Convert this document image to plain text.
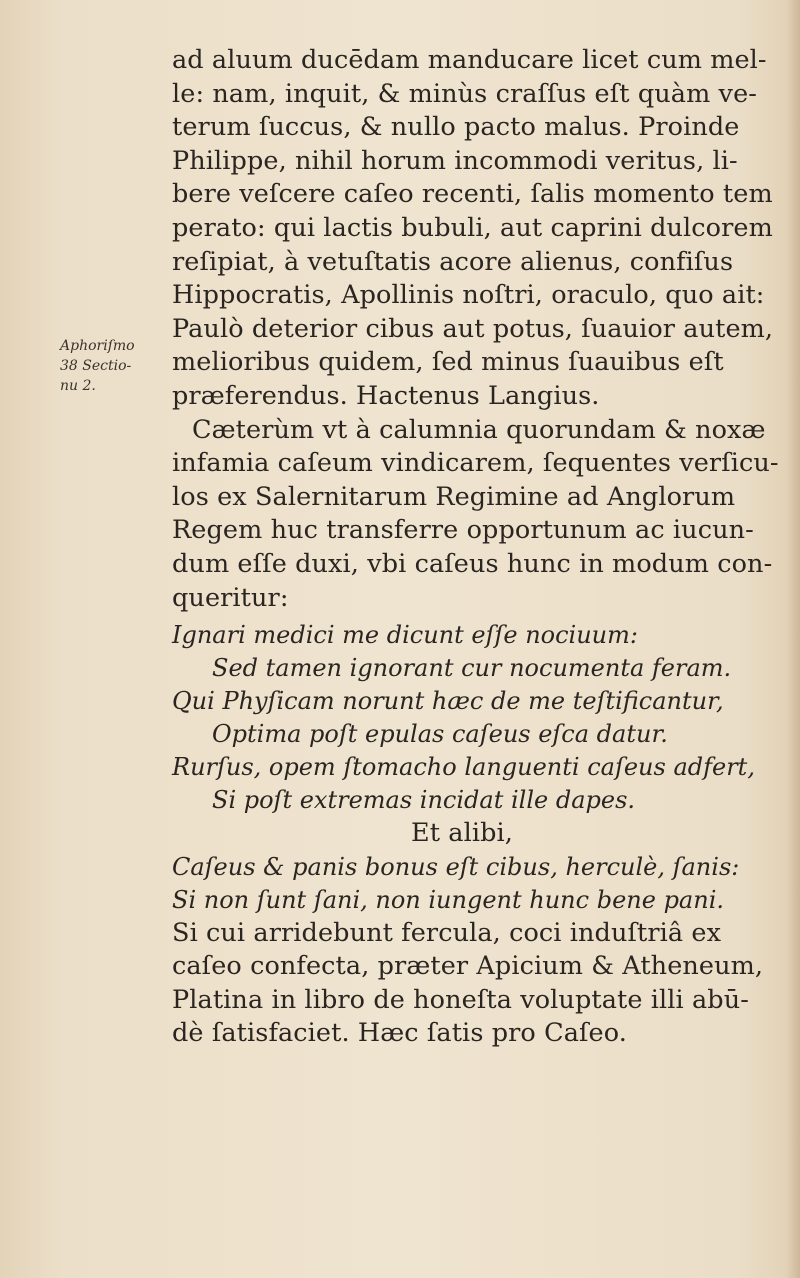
Aphoriſmo
38 Sectio-
nu 2.
ad aluum ducēdam manducare licet cum mel-
le: nam, inquit, & minùs craſſus eſt quàm ve-
terum ſuccus, & nullo pacto malus. Proinde
Philippe, nihil horum incommodi veritus, li-
bere veſcere caſeo recenti, ſalis momento tem
perato: qui lactis bubuli, aut caprini dulcorem
reſipiat, à vetuſtatis acore alienus, confiſus
Hippocratis, Apollinis noſtri, oraculo, quo ait:
Paulò deterior cibus aut potus, ſuauior autem,
melioribus quidem, ſed minus ſuauibus eſt
præferendus. Hactenus Langius.
Cæterùm vt à calumnia quorundam & noxæ
infamia caſeum vindicarem, ſequentes verſicu-
los ex Salernitarum Regimine ad Anglorum
Regem huc transferre opportunum ac iucun-
dum eſſe duxi, vbi caſeus hunc in modum con-
queritur:
Ignari medici me dicunt eſſe nociuum:
Sed tamen ignorant cur nocumenta feram.
Qui Phyſicam norunt hæc de me teſtificantur,
Optima poſt epulas caſeus eſca datur.
Rurſus, opem ſtomacho languenti caſeus adfert,
Si poſt extremas incidat ille dapes.
Et alibi,
Caſeus & panis bonus eſt cibus, herculè, ſanis:
Si non ſunt ſani, non iungent hunc bene pani.
Si cui arridebunt fercula, coci induſtriâ ex
caſeo confecta, præter Apicium & Atheneum,
Platina in libro de honeſta voluptate illi abū-
dè ſatisfaciet. Hæc ſatis pro Caſeo.
